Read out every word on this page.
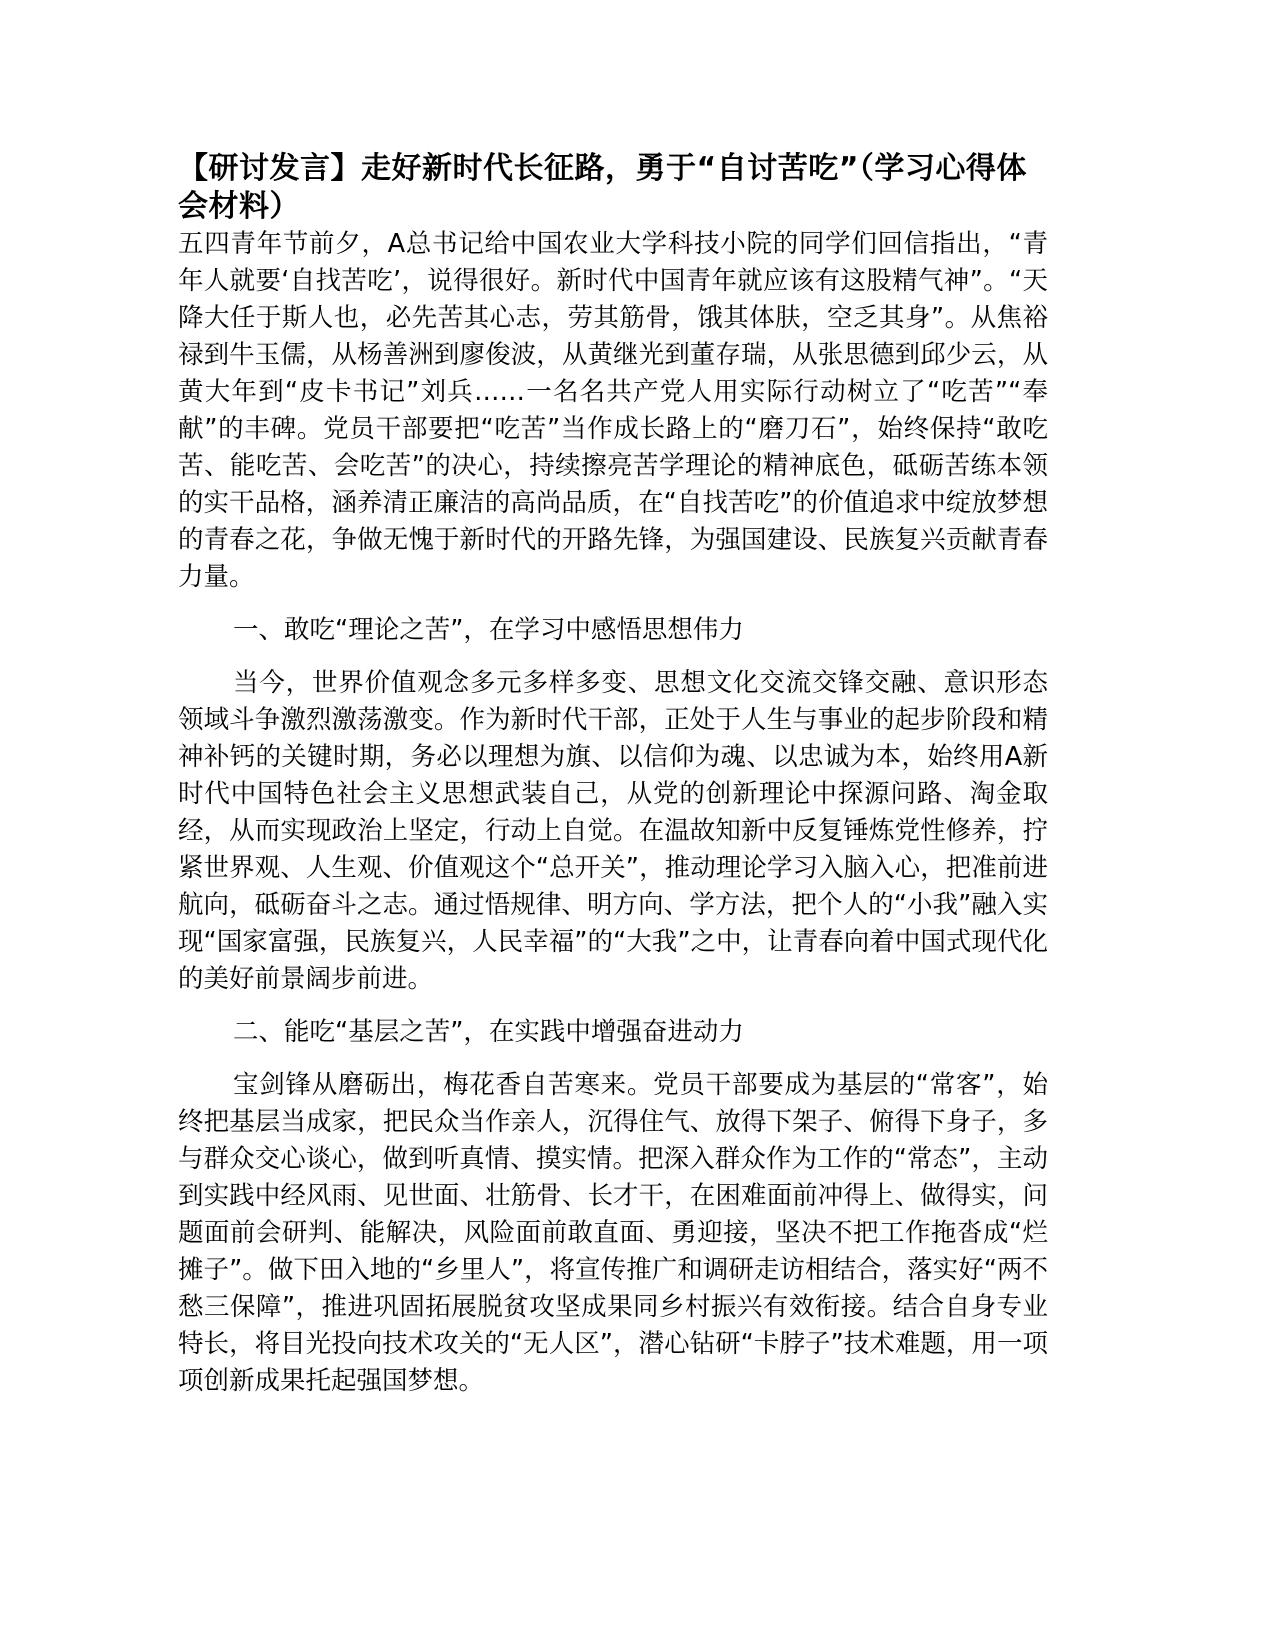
【研讨发言】走好新时代长征路，勇于“自讨苦吃”（学习心得体会材料）

五四青年节前夕，A总书记给中国农业大学科技小院的同学们回信指出，“青年人就要‘自找苦吃’，说得很好。新时代中国青年就应该有这股精气神”。“天降大任于斯人也，必先苦其心志，劳其筋骨，饿其体肤，空乏其身”。从焦裕禄到牛玉儒，从杨善洲到廖俊波，从黄继光到董存瑞，从张思德到邱少云，从黄大年到“皮卡书记”刘兵……一名名共产党人用实际行动树立了“吃苦”“奉献”的丰碑。党员干部要把“吃苦”当作成长路上的“磨刀石”，始终保持“敢吃苦、能吃苦、会吃苦”的决心，持续擦亮苦学理论的精神底色，砥砺苦练本领的实干品格，涵养清正廉洁的高尚品质，在“自找苦吃”的价值追求中绽放梦想的青春之花，争做无愧于新时代的开路先锋，为强国建设、民族复兴贡献青春力量。

一、敢吃“理论之苦”，在学习中感悟思想伟力

当今，世界价值观念多元多样多变、思想文化交流交锋交融、意识形态领域斗争激烈激荡激变。作为新时代干部，正处于人生与事业的起步阶段和精神补钙的关键时期，务必以理想为旗、以信仰为魂、以忠诚为本，始终用A新时代中国特色社会主义思想武装自己，从党的创新理论中探源问路、淘金取经，从而实现政治上坚定，行动上自觉。在温故知新中反复锤炼党性修养，拧紧世界观、人生观、价值观这个“总开关”，推动理论学习入脑入心，把准前进航向，砥砺奋斗之志。通过悟规律、明方向、学方法，把个人的“小我”融入实现“国家富强，民族复兴，人民幸福”的“大我”之中，让青春向着中国式现代化的美好前景阔步前进。

二、能吃“基层之苦”，在实践中增强奋进动力

宝剑锋从磨砺出，梅花香自苦寒来。党员干部要成为基层的“常客”，始终把基层当成家，把民众当作亲人，沉得住气、放得下架子、俯得下身子，多与群众交心谈心，做到听真情、摸实情。把深入群众作为工作的“常态”，主动到实践中经风雨、见世面、壮筋骨、长才干，在困难面前冲得上、做得实，问题面前会研判、能解决，风险面前敢直面、勇迎接，坚决不把工作拖沓成“烂摊子”。做下田入地的“乡里人”，将宣传推广和调研走访相结合，落实好“两不愁三保障”，推进巩固拓展脱贫攻坚成果同乡村振兴有效衔接。结合自身专业特长，将目光投向技术攻关的“无人区”，潜心钻研“卡脖子”技术难题，用一项项创新成果托起强国梦想。
